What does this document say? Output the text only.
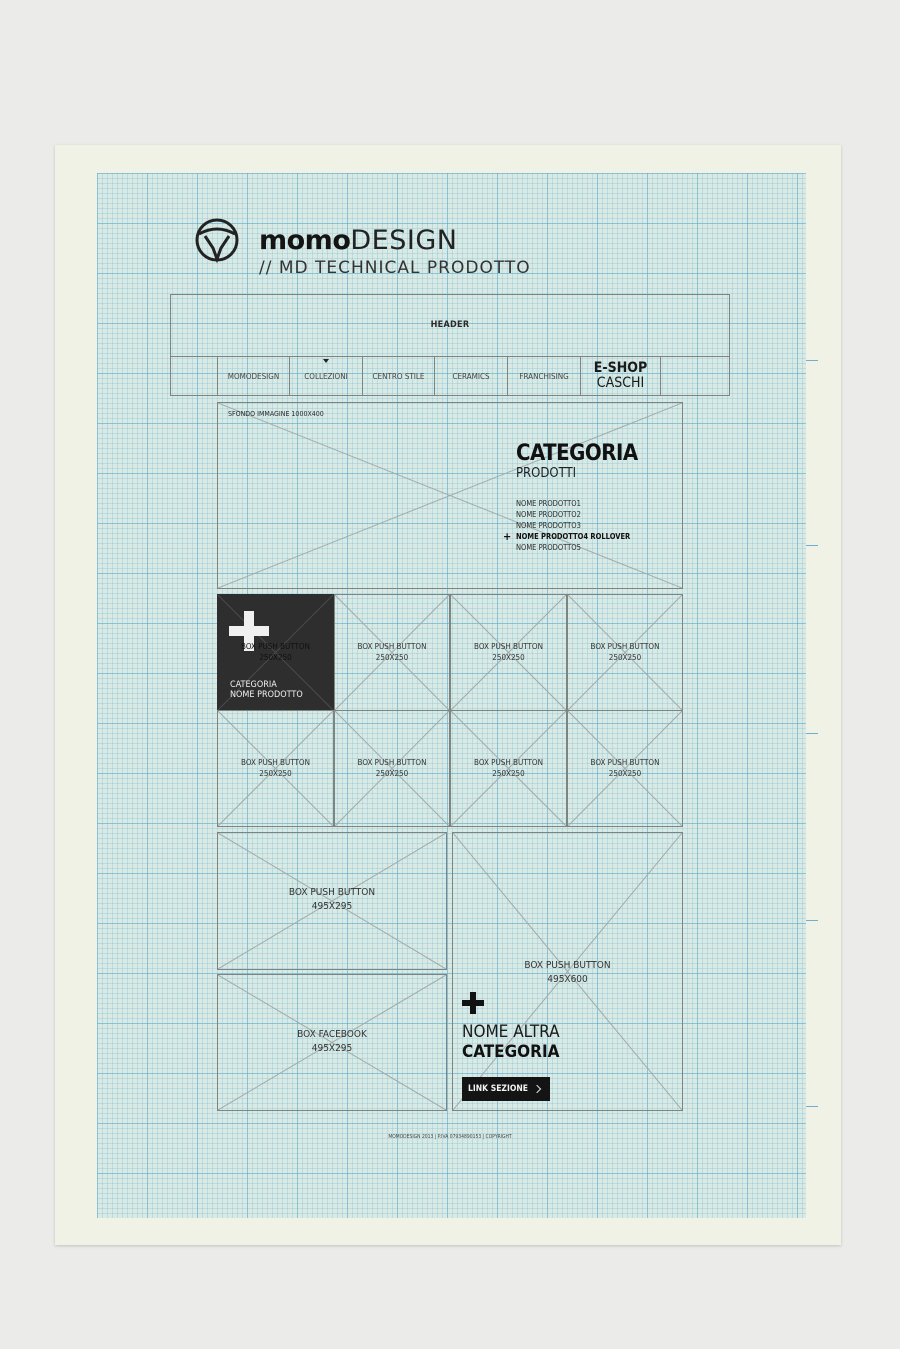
momoDESIGN
// MD TECHNICAL PRODOTTO
HEADER
MOMODESIGN	COLLEZIONI	CENTRO STILE	CERAMICS	FRANCHISING E-SHOP
CASCHI
SFONDO IMMAGINE 1000X400
CATEGORIA
PRODOTTI
NOME PRODOTTO1
NOME PRODOTTO2
NOME PRODOTTO3
+ NOME PRODOTTO4 ROLLOVER
NOME PRODOTTO5
BOX PUSH BUTTON
250X250
CATEGORIA
NOME PRODOTTO
BOX PUSH BUTTON
250X250
BOX PUSH BUTTON
250X250
BOX PUSH BUTTON
250X250
BOX PUSH BUTTON
250X250
BOX PUSH BUTTON
250X250
BOX PUSH BUTTON
250X250
BOX PUSH BUTTON
250X250
BOX PUSH BUTTON
495X295
BOX FACEBOOK
495X295
BOX PUSH BUTTON
495X600
NOME ALTRA
CATEGORIA
LINK SEZIONE
MOMODESIGN 2013 | P.IVA 07934890153 | COPYRIGHT
